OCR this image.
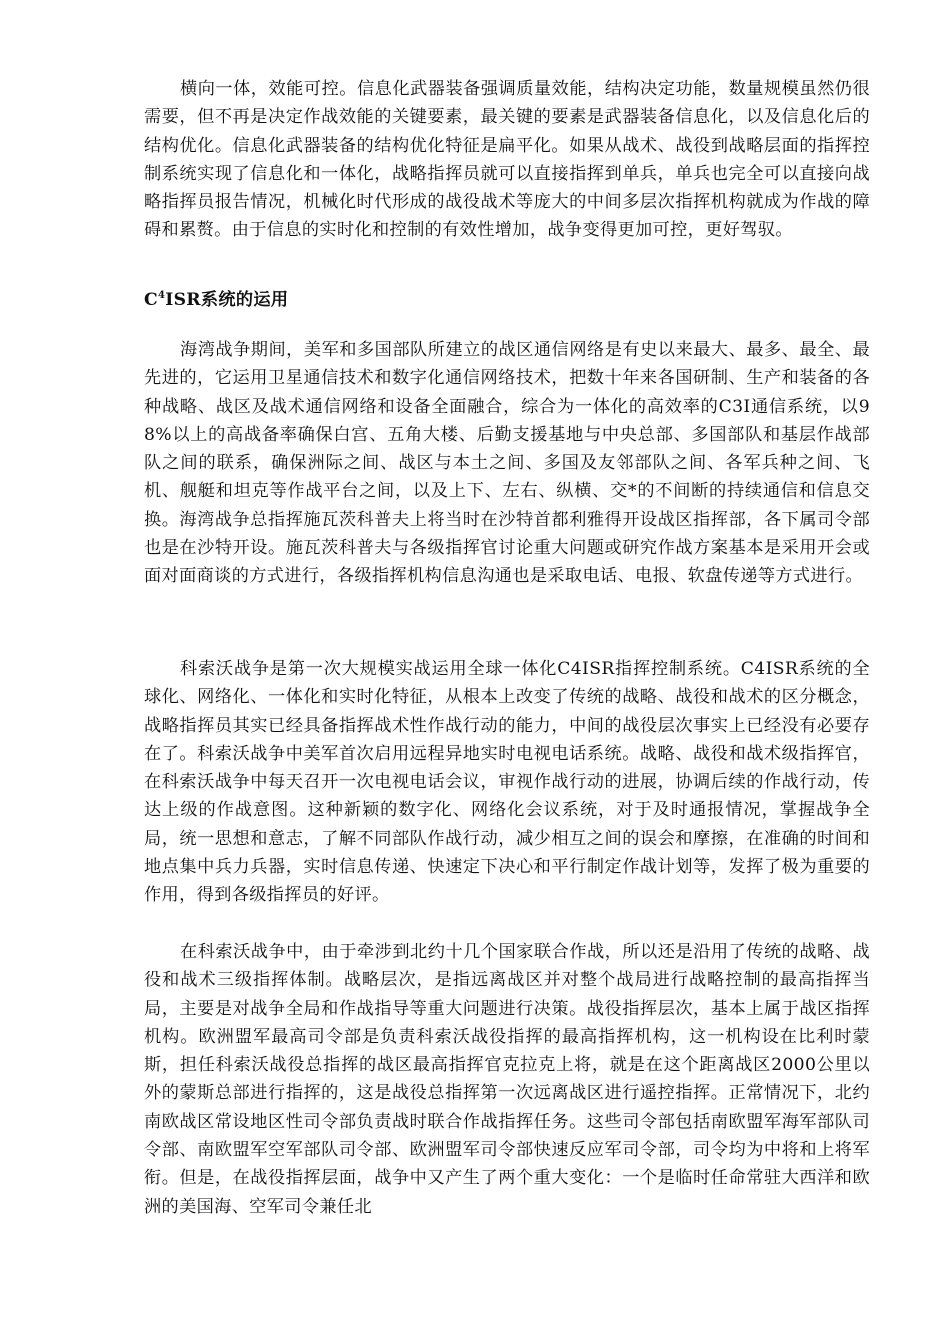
横向一体，效能可控。信息化武器装备强调质量效能，结构决定功能，数量规模虽然仍很需要，但不再是决定作战效能的关键要素，最关键的要素是武器装备信息化，以及信息化后的结构优化。信息化武器装备的结构优化特征是扁平化。如果从战术、战役到战略层面的指挥控制系统实现了信息化和一体化，战略指挥员就可以直接指挥到单兵，单兵也完全可以直接向战略指挥员报告情况，机械化时代形成的战役战术等庞大的中间多层次指挥机构就成为作战的障碍和累赘。由于信息的实时化和控制的有效性增加，战争变得更加可控，更好驾驭。

$C^4ISR$系统的运用

海湾战争期间，美军和多国部队所建立的战区通信网络是有史以来最大、最多、最全、最先进的，它运用卫星通信技术和数字化通信网络技术，把数十年来各国研制、生产和装备的各种战略、战区及战术通信网络和设备全面融合，综合为一体化的高效率的C3I通信系统，以98%以上的高战备率确保白宫、五角大楼、后勤支援基地与中央总部、多国部队和基层作战部队之间的联系，确保洲际之间、战区与本土之间、多国及友邻部队之间、各军兵种之间、飞机、舰艇和坦克等作战平台之间，以及上下、左右、纵横、交*的不间断的持续通信和信息交换。海湾战争总指挥施瓦茨科普夫上将当时在沙特首都利雅得开设战区指挥部，各下属司令部也是在沙特开设。施瓦茨科普夫与各级指挥官讨论重大问题或研究作战方案基本是采用开会或面对面商谈的方式进行，各级指挥机构信息沟通也是采取电话、电报、软盘传递等方式进行。

科索沃战争是第一次大规模实战运用全球一体化C4ISR指挥控制系统。C4ISR系统的全球化、网络化、一体化和实时化特征，从根本上改变了传统的战略、战役和战术的区分概念，战略指挥员其实已经具备指挥战术性作战行动的能力，中间的战役层次事实上已经没有必要存在了。科索沃战争中美军首次启用远程异地实时电视电话系统。战略、战役和战术级指挥官，在科索沃战争中每天召开一次电视电话会议，审视作战行动的进展，协调后续的作战行动，传达上级的作战意图。这种新颖的数字化、网络化会议系统，对于及时通报情况，掌握战争全局，统一思想和意志，了解不同部队作战行动，减少相互之间的误会和摩擦，在准确的时间和地点集中兵力兵器，实时信息传递、快速定下决心和平行制定作战计划等，发挥了极为重要的作用，得到各级指挥员的好评。

在科索沃战争中，由于牵涉到北约十几个国家联合作战，所以还是沿用了传统的战略、战役和战术三级指挥体制。战略层次，是指远离战区并对整个战局进行战略控制的最高指挥当局，主要是对战争全局和作战指导等重大问题进行决策。战役指挥层次，基本上属于战区指挥机构。欧洲盟军最高司令部是负责科索沃战役指挥的最高指挥机构，这一机构设在比利时蒙斯，担任科索沃战役总指挥的战区最高指挥官克拉克上将，就是在这个距离战区2000公里以外的蒙斯总部进行指挥的，这是战役总指挥第一次远离战区进行遥控指挥。正常情况下，北约南欧战区常设地区性司令部负责战时联合作战指挥任务。这些司令部包括南欧盟军海军部队司令部、南欧盟军空军部队司令部、欧洲盟军司令部快速反应军司令部，司令均为中将和上将军衔。但是，在战役指挥层面，战争中又产生了两个重大变化：一个是临时任命常驻大西洋和欧洲的美国海、空军司令兼任北
